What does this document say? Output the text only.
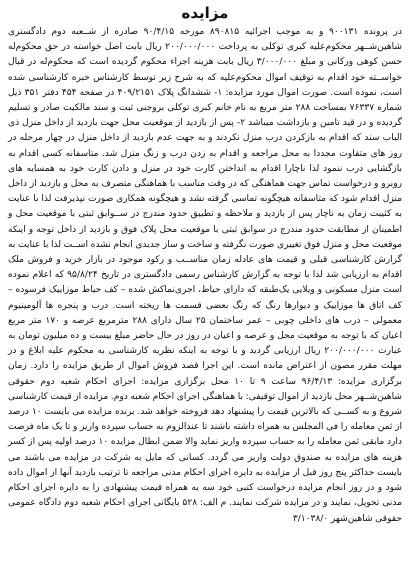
مزایده

در پرونده ۹۰۰۱۳۱ و به موجب اجرائیه ۸۹۰۸۱۵ مورخه ۹۰/۴/۱۵ صادره از شــعبه دوم دادگستری شاهین‌شــهر محکوم‌علیه کبری توکلی به پرداخت ۲۰۰/۰۰۰/۰۰۰ ریال بابت اصل خواسته در حق محکوم‌له حسن کوهی ورکانی و مبلغ ۳/۰۰۰/۰۰۰ ریال بابت هزینه اجراء محکوم گردیده است که محکوم‌له در قبال خواســته خود اقدام به توقیف اموال محکوم‌علیه که به شرح زیر توسط کارشناس خبره کارشناسی شده است، نموده است. صورت اموال مورد مزایده: ۱- ششدانگ پلاک ۴۰۹/۲۱۵۱ در صفحه ۴۵۴ دفتر ۳۵۱ ذیل شماره ۷۶۳۳۷ بمساحت ۲۸۸ متر مربع به نام خانم کبری توکلی بروجنی ثبت و سند مالکیت صادر و تسلیم گردیده و در قید تامین و بازداشت میباشد ۲- پس از بازدید از موقعیت محل جهت بازدید از داخل منزل ذی الباب سند که اقدام به بازکردن درب منزل نکردند و به جهت عدم بازدید از داخل منزل در چهار مرحله در روز های متفاوت مجددا به محل مراجعه و اقدام به زدن درب و زنگ منزل شد. متاسفانه کسی اقدام به بازگشایی درب ننمود لذا ناچارا اقدام به انداختن کارت خود در منزل و دادن کارت خود به همسایه های روبرو و درخواست تماس جهت هماهنگی که در وقت مناسب با هماهنگی متصرف به محل و بازدید از داخل منزل اقدام شود که متاسفانه هیچگونه تماسی گرفته نشد و هیچگونه همکاری صورت نپذیرفت لذا با عنایت به کثیبت زمان به ناچار پس از بازدید و ملاحظه و تطبیق حدود مندرج در ســوابق ثبتی با موقعیت محل و اطمینان از مطابقت حدود مندرج در سوابق ثبتی با موقعیت محل پلاک فوق و بازدید از داخل توجه و اینکه موقعیت محل و منزل فوق تغییری صورت نگرفته و ساخت و ساز جدیدی انجام نشده اســت لذا با عنایت به گزارش کارشناسی قبلی و قیمت های عادله زمان مناســب و رکود موجود در بازار خرید و فروش ملک اقدام به ارزیابی شد لذا با توجه به گزارش کارشناس رسمی دادگستری در تاریخ ۹۵/۸/۲۴ که اعلام نموده است منزل مسکونی و ویلایی یک‌طبقه که دارای حیاط، اجری‌نماکش شده – کف حیاط موزاییک فرسوده – کف اتاق ها موزاییک و دیوارها رنگ که رنگ بعضی قسمت ها ریخته است. درب و پنجره ها آلومینیوم معمولی – درب های داخلی چوبی – عمر ساختمان ۲۵ سال دارای ۲۸۸ مترمربع عرصه و ۱۷۰ متر مربع اعیان که با توجه به موقعیت محل و عرصه و اعیان در روز در حال حاضر مبلغ بیست و ده میلیون تومان به عبارت ۲۰۰/۰۰۰/۰۰۰ ریال ارزیابی گردید و با توجه به اینکه نظریه کارشناسی به محکوم علیه ابلاغ و در مهلت مقرر مصون از اعتراض مانده است. این اجرا قصد فروش اموال از طریق مزایده را دارد. زمان برگزاری مزایده: ۹۶/۴/۱۳ ساعت ۹ تا ۱۰ محل برگزاری مزایده: اجرای احکام شعبه دوم حقوقی شاهین‌شــهر محل بازدید از اموال توقیفی: با هماهنگی اجرای احکام شعبه دوم. مزایده از قیمت کارشناسی شروع و به کســی که بالاترین قیمت را پیشنهاد دهد فروخته خواهد شد. برنده مزایده می بایست ۱۰ درصد از ثمن معامله را فی المجلس به همراه داشته باشند تا عندالزوم به حساب سپرده واریز و تا یک ماه فرصت دارد مابقی ثمن معامله را به حساب سپرده واریز نماید والا ضمن ابطال مزایده ۱۰ درصد اولیه پس از کسر هزینه های مزایده به صندوق دولت واریز می گردد. کسانی که مایل به شرکت در مزایده می باشند می بایست حداکثر پنج روز قبل از مزایده به دایره اجرای احکام مدنی مراجعه تا ترتیب بازدید آنها از اموال داده شود و در روز انجام مزایده درخواست کتبی خود سه به همراه قیمت پیشنهادی را به دایره اجرای احکام مدنی تحویل، نمایند و در مزایده شرکت نمایند. م الف: ۵۲۸ بایگانی اجرای احکام شعبه دوم دادگاه عمومی حقوقی شاهین‌شهر ۳/۱۰۳۸/۰
